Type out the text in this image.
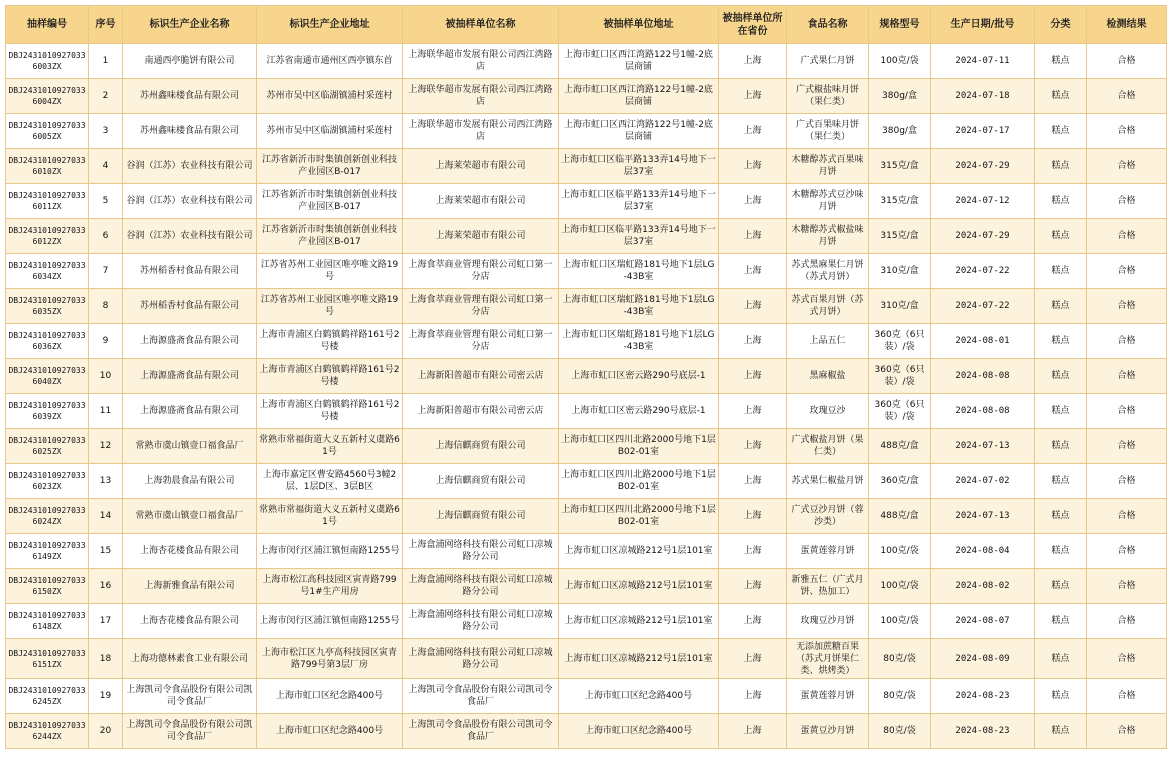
抽样编号	序号	标识生产企业名称	标识生产企业地址	被抽样单位名称	被抽样单位地址	被抽样单位所在省份	食品名称	规格型号	生产日期/批号	分类	检测结果
DBJ24310109270336003ZX	1	南通西亭脆饼有限公司	江苏省南通市通州区西亭镇东首	上海联华超市发展有限公司西江湾路店	上海市虹口区西江湾路122号1幢-2底层商铺	上海	广式果仁月饼	100克/袋	2024-07-11	糕点	合格
DBJ24310109270336004ZX	2	苏州鑫味楼食品有限公司	苏州市吴中区临湖镇浦村采莲村	上海联华超市发展有限公司西江湾路店	上海市虹口区西江湾路122号1幢-2底层商铺	上海	广式椒盐味月饼（果仁类）	380g/盒	2024-07-18	糕点	合格
DBJ24310109270336005ZX	3	苏州鑫味楼食品有限公司	苏州市吴中区临湖镇浦村采莲村	上海联华超市发展有限公司西江湾路店	上海市虹口区西江湾路122号1幢-2底层商铺	上海	广式百果味月饼（果仁类）	380g/盒	2024-07-17	糕点	合格
DBJ24310109270336010ZX	4	谷润（江苏）农业科技有限公司	江苏省新沂市时集镇创新创业科技产业园区B-017	上海莱荣超市有限公司	上海市虹口区临平路133弄14号地下一层37室	上海	木糖醇苏式百果味月饼	315克/盒	2024-07-29	糕点	合格
DBJ24310109270336011ZX	5	谷润（江苏）农业科技有限公司	江苏省新沂市时集镇创新创业科技产业园区B-017	上海莱荣超市有限公司	上海市虹口区临平路133弄14号地下一层37室	上海	木糖醇苏式豆沙味月饼	315克/盒	2024-07-12	糕点	合格
DBJ24310109270336012ZX	6	谷润（江苏）农业科技有限公司	江苏省新沂市时集镇创新创业科技产业园区B-017	上海莱荣超市有限公司	上海市虹口区临平路133弄14号地下一层37室	上海	木糖醇苏式椒盐味月饼	315克/盒	2024-07-29	糕点	合格
DBJ24310109270336034ZX	7	苏州稻香村食品有限公司	江苏省苏州工业园区唯亭唯文路19号	上海食萃商业管理有限公司虹口第一分店	上海市虹口区瑞虹路181号地下1层LG-43B室	上海	苏式黑麻果仁月饼（苏式月饼）	310克/盒	2024-07-22	糕点	合格
DBJ24310109270336035ZX	8	苏州稻香村食品有限公司	江苏省苏州工业园区唯亭唯文路19号	上海食萃商业管理有限公司虹口第一分店	上海市虹口区瑞虹路181号地下1层LG-43B室	上海	苏式百果月饼（苏式月饼）	310克/盒	2024-07-22	糕点	合格
DBJ24310109270336036ZX	9	上海源盛斋食品有限公司	上海市青浦区白鹤镇鹤祥路161号2号楼	上海食萃商业管理有限公司虹口第一分店	上海市虹口区瑞虹路181号地下1层LG-43B室	上海	上品五仁	360克（6只装）/袋	2024-08-01	糕点	合格
DBJ24310109270336040ZX	10	上海源盛斋食品有限公司	上海市青浦区白鹤镇鹤祥路161号2号楼	上海新阳普超市有限公司密云店	上海市虹口区密云路290号底层-1	上海	黑麻椒盐	360克（6只装）/袋	2024-08-08	糕点	合格
DBJ24310109270336039ZX	11	上海源盛斋食品有限公司	上海市青浦区白鹤镇鹤祥路161号2号楼	上海新阳普超市有限公司密云店	上海市虹口区密云路290号底层-1	上海	玫瑰豆沙	360克（6只装）/袋	2024-08-08	糕点	合格
DBJ24310109270336025ZX	12	常熟市虞山镇壹口福食品厂	常熟市常福街道大义五新村义虞路61号	上海信麒商贸有限公司	上海市虹口区四川北路2000号地下1层B02-01室	上海	广式椒盐月饼（果仁类）	488克/盒	2024-07-13	糕点	合格
DBJ24310109270336023ZX	13	上海勃晨食品有限公司	上海市嘉定区曹安路4560号3幢2层、1层D区、3层B区	上海信麒商贸有限公司	上海市虹口区四川北路2000号地下1层B02-01室	上海	苏式果仁椒盐月饼	360克/盒	2024-07-02	糕点	合格
DBJ24310109270336024ZX	14	常熟市虞山镇壹口福食品厂	常熟市常福街道大义五新村义虞路61号	上海信麒商贸有限公司	上海市虹口区四川北路2000号地下1层B02-01室	上海	广式豆沙月饼（蓉沙类）	488克/盒	2024-07-13	糕点	合格
DBJ24310109270336149ZX	15	上海杏花楼食品有限公司	上海市闵行区浦江镇恒南路1255号	上海盒浦网络科技有限公司虹口凉城路分公司	上海市虹口区凉城路212号1层101室	上海	蛋黄莲蓉月饼	100克/袋	2024-08-04	糕点	合格
DBJ24310109270336150ZX	16	上海新雅食品有限公司	上海市松江高科技园区寅青路799号1#生产用房	上海盒浦网络科技有限公司虹口凉城路分公司	上海市虹口区凉城路212号1层101室	上海	新雅五仁（广式月饼、热加工）	100克/袋	2024-08-02	糕点	合格
DBJ24310109270336148ZX	17	上海杏花楼食品有限公司	上海市闵行区浦江镇恒南路1255号	上海盒浦网络科技有限公司虹口凉城路分公司	上海市虹口区凉城路212号1层101室	上海	玫瑰豆沙月饼	100克/袋	2024-08-07	糕点	合格
DBJ24310109270336151ZX	18	上海功德林素食工业有限公司	上海市松江区九亭高科技园区寅青路799号第3层厂房	上海盒浦网络科技有限公司虹口凉城路分公司	上海市虹口区凉城路212号1层101室	上海	无添加蔗糖百果（苏式月饼果仁类、烘烤类）	80克/袋	2024-08-09	糕点	合格
DBJ24310109270336245ZX	19	上海凯司令食品股份有限公司凯司令食品厂	上海市虹口区纪念路400号	上海凯司令食品股份有限公司凯司令食品厂	上海市虹口区纪念路400号	上海	蛋黄莲蓉月饼	80克/袋	2024-08-23	糕点	合格
DBJ24310109270336244ZX	20	上海凯司令食品股份有限公司凯司令食品厂	上海市虹口区纪念路400号	上海凯司令食品股份有限公司凯司令食品厂	上海市虹口区纪念路400号	上海	蛋黄豆沙月饼	80克/袋	2024-08-23	糕点	合格
